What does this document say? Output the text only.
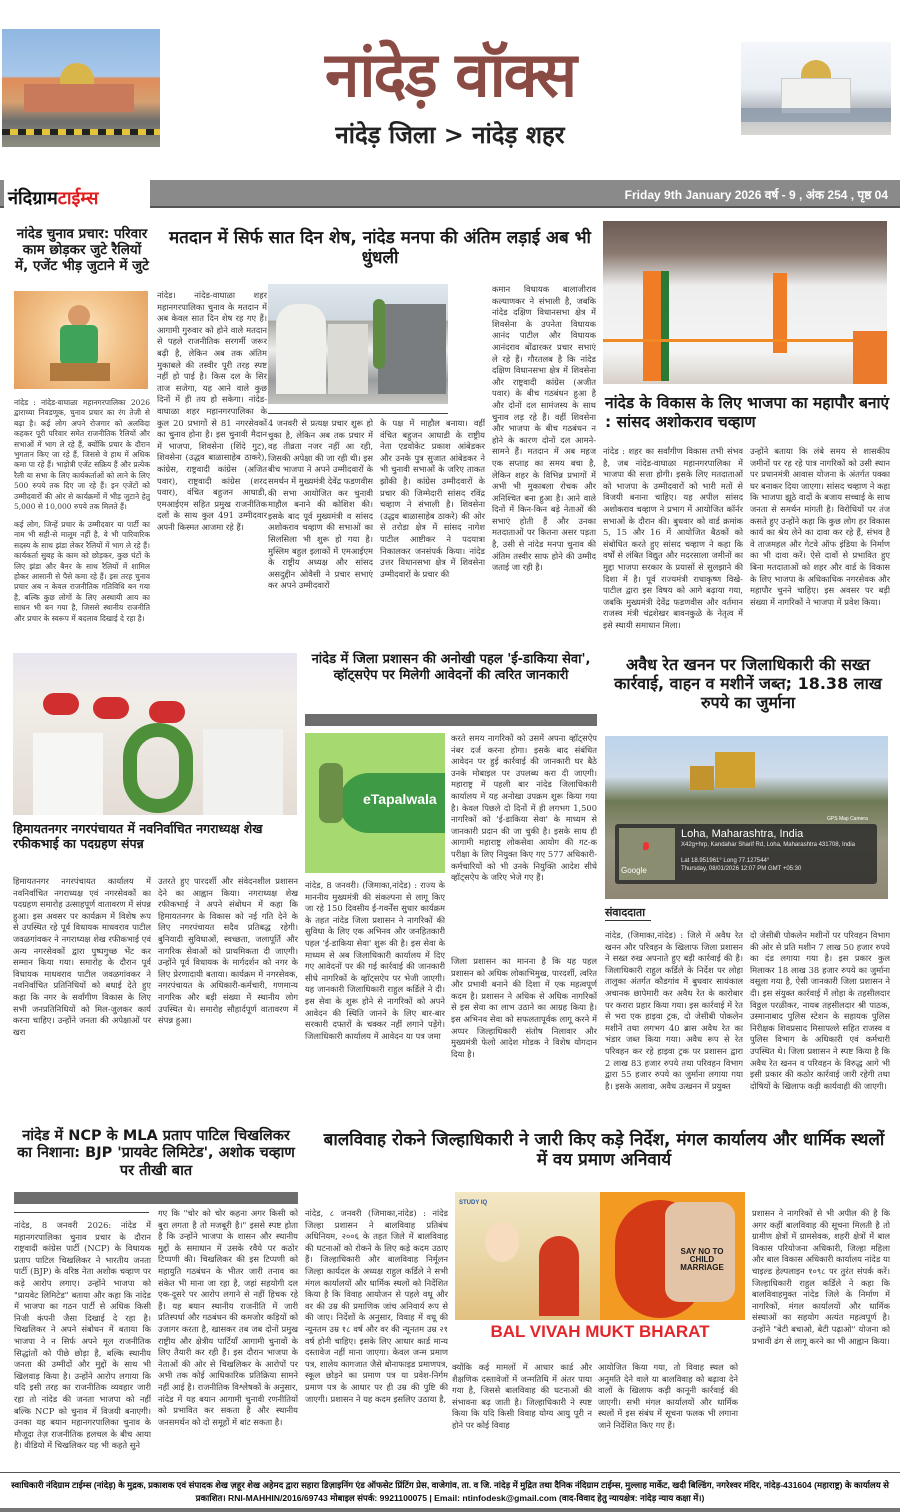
नांदेड़ वॉक्स
नांदेड़ जिला > नांदेड़ शहर
नंदिग्राम टाईम्स	Friday 9th January 2026 वर्ष - 9 , अंक 254 , पृष्ठ 04
नांदेड चुनाव प्रचार: परिवार काम छोड़कर जुटे रैलियों में, एजेंट भीड़ जुटाने में जुटे
नांदेड : नांदेड-वाघाळा महानगरपालिका 2026 द्वाराच्या निवडणूक, चुनाव प्रचार का रंग तेजी से बढ़ा है। कई लोग अपने रोजगार को अलविदा कहकर पूरी परिवार समेत राजनीतिक रैलियों और सभाओं में भाग ले रहे हैं, क्योंकि प्रचार के दौरान भुगतान किए जा रहे हैं, जिससे वे हाथ में अधिक कमा पा रहे हैं। भाड़ोत्री एजेंट सक्रिय हैं और प्रत्येक रैली या सभा के लिए कार्यकर्ताओं को लाने के लिए 500 रुपये तक दिए जा रहे हैं। इन एजेंटों को उम्मीदवारों की ओर से कार्यक्रमों में भीड़ जुटाने हेतु 5,000 से 10,000 रुपये तक मिलते हैं।
कई लोग, जिन्हें प्रचार के उम्मीदवार या पार्टी का नाम भी सही-से मालूम नहीं है, वे भी पारिवारिक सदस्य के साथ झंडा लेकर रैलियों में भाग ले रहे हैं। कार्यकर्ता सुबह के काम को छोड़कर, कुछ घंटों के लिए झंडा और बैनर के साथ रैलियों में शामिल होकर आसानी से पैसे कमा रहे हैं। इस तरह चुनाव प्रचार अब न केवल राजनीतिक गतिविधि बन गया है, बल्कि कुछ लोगों के लिए अस्थायी आय का साधन भी बन गया है, जिससे स्थानीय राजनीति और प्रचार के स्वरूप में बदलाव दिखाई दे रहा है।
मतदान में सिर्फ सात दिन शेष, नांदेड मनपा की अंतिम लड़ाई अब भी धुंधली
नांदेड। नांदेड-वाघाळा शहर महानगरपालिका चुनाव के मतदान में अब केवल सात दिन शेष रह गए हैं। आगामी गुरुवार को होने वाले मतदान से पहले राजनीतिक सरगर्मी जरूर बढ़ी है, लेकिन अब तक अंतिम मुकाबले की तस्वीर पूरी तरह स्पष्ट नहीं हो पाई है। किस दल के सिर ताज सजेगा, यह आने वाले कुछ दिनों में ही तय हो सकेगा। नांदेड-वाघाळा शहर महानगरपालिका के कुल 20 प्रभागों से 81 नगरसेवकों का चुनाव होना है। इस चुनावी मैदान में भाजपा, शिवसेना (शिंदे गुट), शिवसेना (उद्धव बाळासाहेब ठाकरे), कांग्रेस, राष्ट्रवादी कांग्रेस (अजित पवार), राष्ट्रवादी कांग्रेस (शरद पवार), वंचित बहुजन आघाडी, एमआईएम सहित प्रमुख राजनीतिक दलों के साथ कुल 491 उम्मीदवार अपनी किस्मत आजमा रहे हैं।
4 जनवरी से प्रत्यक्ष प्रचार शुरू हो चुका है, लेकिन अब तक प्रचार में वह तीव्रता नजर नहीं आ रही, जिसकी अपेक्षा की जा रही थी। इस बीच भाजपा ने अपने उम्मीदवारों के समर्थन में मुख्यमंत्री देवेंद्र फडणवीस की सभा आयोजित कर चुनावी माहौल बनाने की कोशिश की। इसके बाद पूर्व मुख्यमंत्री व सांसद अशोकराव चव्हाण की सभाओं का सिलसिला भी शुरू हो गया है। मुस्लिम बहुल इलाकों में एमआईएम के राष्ट्रीय अध्यक्ष और सांसद असदुद्दीन ओवैसी ने प्रचार सभाएं कर अपने उम्मीदवारों
के पक्ष में माहौल बनाया। वहीं वंचित बहुजन आघाडी के राष्ट्रीय नेता एडवोकेट प्रकाश आंबेडकर और उनके पुत्र सुजात आंबेडकर ने भी चुनावी सभाओं के जरिए ताकत झोंकी है। कांग्रेस उम्मीदवारों के प्रचार की जिम्मेदारी सांसद रविंद्र चव्हाण ने संभाली है। शिवसेना (उद्धव बाळासाहेब ठाकरे) की ओर से तरोडा क्षेत्र में सांसद नागेश पाटील आष्टीकर ने पदयात्रा निकालकर जनसंपर्क किया। नांदेड उत्तर विधानसभा क्षेत्र में शिवसेना उम्मीदवारों के प्रचार की
कमान विधायक बालाजीराव कल्याणकर ने संभाली है, जबकि नांदेड दक्षिण विधानसभा क्षेत्र में शिवसेना के उपनेता विधायक आनंद पाटील और विधायक आनंदराव बोंढारकर प्रचार सभाएं ले रहे हैं। गौरतलब है कि नांदेड दक्षिण विधानसभा क्षेत्र में शिवसेना और राष्ट्रवादी कांग्रेस (अजीत पवार) के बीच गठबंधन हुआ है और दोनों दल सामंजस्य के साथ चुनाव लड़ रहे हैं। वहीं शिवसेना और भाजपा के बीच गठबंधन न होने के कारण दोनों दल आमने-सामने हैं। मतदान में अब महज एक सप्ताह का समय बचा है, लेकिन शहर के विभिन्न प्रभागों में अभी भी मुकाबला रोचक और अनिश्चित बना हुआ है। आने वाले दिनों में किन-किन बड़े नेताओं की सभाएं होती हैं और उनका मतदाताओं पर कितना असर पड़ता है, उसी से नांदेड मनपा चुनाव की अंतिम तस्वीर साफ होने की उम्मीद जताई जा रही है।
नांदेड के विकास के लिए भाजपा का महापौर बनाएं : सांसद अशोकराव चव्हाण
नांदेड : शहर का सर्वांगीण विकास तभी संभव है, जब नांदेड-वाघाळा महानगरपालिका में भाजपा की सत्ता होगी। इसके लिए मतदाताओं को भाजपा के उम्मीदवारों को भारी मतों से विजयी बनाना चाहिए। यह अपील सांसद अशोकराव चव्हाण ने प्रभाग में आयोजित कॉर्नर सभाओं के दौरान की। बुधवार को वार्ड क्रमांक 5, 15 और 16 में आयोजित बैठकों को संबोधित करते हुए सांसद चव्हाण ने कहा कि वर्षों से लंबित विद्युत और मदरसाला जमीनों का मुद्दा भाजपा सरकार के प्रयासों से सुलझाने की दिशा में है। पूर्व राज्यमंत्री राधाकृष्ण विखे-पाटील द्वारा इस विषय को आगे बढ़ाया गया, जबकि मुख्यमंत्री देवेंद्र फडणवीस और वर्तमान राजस्व मंत्री चंद्रशेखर बावनकुळे के नेतृत्व में इसे स्थायी समाधान मिला।
उन्होंने बताया कि लंबे समय से शासकीय जमीनों पर रह रहे पात्र नागरिकों को उसी स्थान पर प्रधानमंत्री आवास योजना के अंतर्गत पक्का घर बनाकर दिया जाएगा। सांसद चव्हाण ने कहा कि भाजपा झूठे वादों के बजाय सच्चाई के साथ जनता से समर्थन मांगती है। विरोधियों पर तंज कसते हुए उन्होंने कहा कि कुछ लोग हर विकास कार्य का श्रेय लेने का दावा कर रहे हैं, संभव है वे ताजमहल और गेटवे ऑफ इंडिया के निर्माण का भी दावा करें। ऐसे दावों से प्रभावित हुए बिना मतदाताओं को शहर और वार्ड के विकास के लिए भाजपा के अधिकाधिक नगरसेवक और महापौर चुनने चाहिए। इस अवसर पर बड़ी संख्या में नागरिकों ने भाजपा में प्रवेश किया।
हिमायतनगर नगरपंचायत में नवनिर्वाचित नगराध्यक्ष शेख रफीकभाई का पदग्रहण संपन्न
हिमायतनगर नगरपंचायत कार्यालय में नवनिर्वाचित नगराध्यक्ष एवं नगरसेवकों का पदग्रहण समारोह उत्साहपूर्ण वातावरण में संपन्न हुआ। इस अवसर पर कार्यक्रम में विशेष रूप से उपस्थित रहे पूर्व विधायक माधवराव पाटील जवळगांवकर ने नगराध्यक्ष शेख रफीकभाई एवं अन्य नगरसेवकों द्वारा पुष्पगुच्छ भेंट कर सम्मान किया गया। समारोह के दौरान पूर्व विधायक माधवराव पाटील जवळगांवकर ने नवनिर्वाचित प्रतिनिधियों को बधाई देते हुए कहा कि नगर के सर्वांगीण विकास के लिए सभी जनप्रतिनिधियों को मिल-जुलकर कार्य करना चाहिए। उन्होंने जनता की अपेक्षाओं पर खरा
उतरते हुए पारदर्शी और संवेदनशील प्रशासन देने का आह्वान किया। नगराध्यक्ष शेख रफीकभाई ने अपने संबोधन में कहा कि हिमायतनगर के विकास को नई गति देने के लिए नगरपंचायत सदैव प्रतिबद्ध रहेगी। बुनियादी सुविधाओं, स्वच्छता, जलापूर्ति और नागरिक सेवाओं को प्राथमिकता दी जाएगी। उन्होंने पूर्व विधायक के मार्गदर्शन को नगर के लिए प्रेरणादायी बताया। कार्यक्रम में नगरसेवक, नगरपंचायत के अधिकारी-कर्मचारी, गणमान्य नागरिक और बड़ी संख्या में स्थानीय लोग उपस्थित थे। समारोह सौहार्दपूर्ण वातावरण में संपन्न हुआ।
नांदेड में जिला प्रशासन की अनोखी पहल 'ई-डाकिया सेवा', व्हॉट्सऐप पर मिलेगी आवेदनों की त्वरित जानकारी
eTapalwala
करते समय नागरिकों को उसमें अपना व्हॉट्सऐप नंबर दर्ज करना होगा। इसके बाद संबंधित आवेदन पर हुई कार्रवाई की जानकारी घर बैठे उनके मोबाइल पर उपलब्ध करा दी जाएगी। महाराष्ट्र में पहली बार नांदेड जिलाधिकारी कार्यालय में यह अनोखा उपक्रम शुरू किया गया है। केवल पिछले दो दिनों में ही लगभग 1,500 नागरिकों को 'ई-डाकिया सेवा' के माध्यम से जानकारी प्रदान की जा चुकी है। इसके साथ ही आगामी महाराष्ट्र लोकसेवा आयोग की गट-क परीक्षा के लिए नियुक्त किए गए 577 अधिकारी-कर्मचारियों को भी उनके नियुक्ति आदेश सीधे व्हॉट्सऐप के जरिए भेजे गए हैं।
नांदेड, 8 जनवरी। (जिमाका,नांदेड) : राज्य के माननीय मुख्यमंत्री की संकल्पना से लागू किए जा रहे 150 दिवसीय ई-गवर्नेंस सुधार कार्यक्रम के तहत नांदेड जिला प्रशासन ने नागरिकों की सुविधा के लिए एक अभिनव और जनहितकारी पहल 'ई-डाकिया सेवा' शुरू की है। इस सेवा के माध्यम से अब जिलाधिकारी कार्यालय में दिए गए आवेदनों पर की गई कार्रवाई की जानकारी सीधे नागरिकों के व्हॉट्सऐप पर भेजी जाएगी। यह जानकारी जिलाधिकारी राहुल कर्डिले ने दी। इस सेवा के शुरू होने से नागरिकों को अपने आवेदन की स्थिति जानने के लिए बार-बार सरकारी दफ्तरों के चक्कर नहीं लगाने पड़ेंगे। जिलाधिकारी कार्यालय में आवेदन या पत्र जमा
जिला प्रशासन का मानना है कि यह पहल प्रशासन को अधिक लोकाभिमुख, पारदर्शी, त्वरित और प्रभावी बनाने की दिशा में एक महत्वपूर्ण कदम है। प्रशासन ने अधिक से अधिक नागरिकों से इस सेवा का लाभ उठाने का आग्रह किया है। इस अभिनव सेवा को सफलतापूर्वक लागू करने में अप्पर जिल्हाधिकारी संतोष निलावार और मुख्यमंत्री फेलो आदेश मोडक ने विशेष योगदान दिया है।
अवैध रेत खनन पर जिलाधिकारी की सख्त कार्रवाई, वाहन व मशीनें जब्त; 18.38 लाख रुपये का जुर्माना
Google
Loha, Maharashtra, India
X42g+hrp, Kandahar Sharif Rd, Loha, Maharashtra 431708, India
Lat 18.951961° Long 77.127544°
Thursday, 08/01/2026 12:07 PM GMT +05:30
GPS Map Camera
संवाददाता
नांदेड, (जिमाका,नांदेड) : जिले में अवैध रेत खनन और परिवहन के खिलाफ जिला प्रशासन ने सख्त रुख अपनाते हुए बड़ी कार्रवाई की है। जिलाधिकारी राहुल कर्डिले के निर्देश पर लोहा तालुका अंतर्गत कौडगांव में बुधवार सायंकाल अचानक छापेमारी कर अवैध रेत के कारोबार पर करारा प्रहार किया गया। इस कार्रवाई में रेत से भरा एक हाइवा ट्रक, दो जेसीबी पोकलेन मशीनें तथा लगभग 40 ब्रास अवैध रेत का भंडार जब्त किया गया। अवैध रूप से रेत परिवहन कर रहे हाइवा ट्रक पर प्रशासन द्वारा 2 लाख 83 हजार रुपये तथा परिवहन विभाग द्वारा 55 हजार रुपये का जुर्माना लगाया गया है। इसके अलावा, अवैध उत्खनन में प्रयुक्त
दो जेसीबी पोकलेन मशीनों पर परिवहन विभाग की ओर से प्रति मशीन 7 लाख 50 हजार रुपये का दंड लगाया गया है। इस प्रकार कुल मिलाकर 18 लाख 38 हजार रुपये का जुर्माना वसूला गया है, ऐसी जानकारी जिला प्रशासन ने दी। इस संयुक्त कार्रवाई में लोहा के तहसीलदार विठ्ठल परळीकर, नायब तहसीलदार श्री पाठक, उस्मानाबाद पुलिस स्टेशन के सहायक पुलिस निरीक्षक शिवप्रसाद मिसापल्ले सहित राजस्व व पुलिस विभाग के अधिकारी एवं कर्मचारी उपस्थित थे। जिला प्रशासन ने स्पष्ट किया है कि अवैध रेत खनन व परिवहन के विरुद्ध आगे भी इसी प्रकार की कठोर कार्रवाई जारी रहेगी तथा दोषियों के खिलाफ कड़ी कार्यवाही की जाएगी।
नांदेड में NCP के MLA प्रताप पाटिल चिखलिकर का निशाना: BJP 'प्रायवेट लिमिटेड', अशोक चव्हाण पर तीखी बात
नांदेड, 8 जनवरी 2026: नांदेड में महानगरपालिका चुनाव प्रचार के दौरान राष्ट्रवादी कांग्रेस पार्टी (NCP) के विधायक प्रताप पाटिल चिखलिकर ने भारतीय जनता पार्टी (BJP) के वरिष्ठ नेता अशोक चव्हाण पर कड़े आरोप लगाए। उन्होंने भाजपा को "प्रायवेट लिमिटेड" बताया और कहा कि नांदेड में भाजपा का गठन पार्टी से अधिक किसी निजी कंपनी जैसा दिखाई दे रहा है। चिखलिकर ने अपने संबोधन में बताया कि भाजपा ने न सिर्फ अपने मूल राजनीतिक सिद्धांतों को पीछे छोड़ा है, बल्कि स्थानीय जनता की उम्मीदों और मुद्दों के साथ भी खिलवाड़ किया है। उन्होंने आरोप लगाया कि यदि इसी तरह का राजनीतिक व्यवहार जारी रहा तो नांदेड की जनता भाजपा को नहीं बल्कि NCP को चुनाव में विजयी बनाएगी। उनका यह बयान महानगरपालिका चुनाव के मौजूदा तेज़ राजनीतिक हलचल के बीच आया है। वीडियो में चिखलिकर यह भी कहते सुने
गए कि "चोर को चोर कहना अगर किसी को बुरा लगता है तो मजबूरी है।" इससे स्पष्ट होता है कि उन्होंने भाजपा के शासन और स्थानीय मुद्दों के समाधान में उसके रवैये पर कठोर टिप्पणी की। चिखलिकर की इस टिप्पणी को महायुति गठबंधन के भीतर जारी तनाव का संकेत भी माना जा रहा है, जहां सहयोगी दल एक-दूसरे पर आरोप लगाने से नहीं हिचक रहे हैं। यह बयान स्थानीय राजनीति में जारी प्रतिस्पर्धा और गठबंधन की कमजोर कड़ियों को उजागर करता है, खासकर तब जब दोनों प्रमुख राष्ट्रीय और क्षेत्रीय पार्टियाँ आगामी चुनावों के लिए तैयारी कर रही हैं। इस दौरान भाजपा के नेताओं की ओर से चिखलिकर के आरोपों पर अभी तक कोई आधिकारिक प्रतिक्रिया सामने नहीं आई है। राजनीतिक विश्लेषकों के अनुसार, नांदेड में यह बयान आगामी चुनावी रणनीतियों को प्रभावित कर सकता है और स्थानीय जनसमर्थन को दो समूहों में बांट सकता है।
बालविवाह रोकने जिल्हाधिकारी ने जारी किए कड़े निर्देश, मंगल कार्यालय और धार्मिक स्थलों में वय प्रमाण अनिवार्य
नांदेड, ८ जनवरी (जिमाका,नांदेड) : नांदेड जिल्हा प्रशासन ने बालविवाह प्रतिबंध अधिनियम, २००६ के तहत जिले में बालविवाह की घटनाओं को रोकने के लिए कड़े कदम उठाए हैं। जिल्हाधिकारी और बालविवाह निर्मूलन जिल्हा कार्यदल के अध्यक्ष राहुल कर्डिले ने सभी मंगल कार्यालयों और धार्मिक स्थलों को निर्देशित किया है कि विवाह आयोजन से पहले वधू और वर की उम्र की प्रमाणिक जांच अनिवार्य रूप से की जाए। निर्देशों के अनुसार, विवाह में वधू की न्यूनतम उम्र १८ वर्ष और वर की न्यूनतम उम्र २१ वर्ष होनी चाहिए। इसके लिए आधार कार्ड मान्य दस्तावेज नहीं माना जाएगा। केवल जन्म प्रमाण पत्र, शालेय कागजात जैसे बोनाफाइड प्रमाणपत्र, स्कूल छोड़ने का प्रमाण पत्र या प्रवेश-निर्गम प्रमाण पत्र के आधार पर ही उम्र की पुष्टि की जाएगी। प्रशासन ने यह कदम इसलिए उठाया है,
STUDY IQ
SAY NO TO CHILD MARRIAGE
BAL VIVAH MUKT BHARAT
क्योंकि कई मामलों में आधार कार्ड और शैक्षणिक दस्तावेजों में जन्मतिथि में अंतर पाया गया है, जिससे बालविवाह की घटनाओं की संभावना बढ़ जाती है। जिल्हाधिकारी ने स्पष्ट किया कि यदि किसी विवाह योग्य आयु पूरी न होने पर कोई विवाह
आयोजित किया गया, तो विवाह स्थल को अनुमति देने वाले या बालविवाह को बढ़ावा देने वालों के खिलाफ कड़ी कानूनी कार्रवाई की जाएगी। सभी मंगल कार्यालयों और धार्मिक स्थलों में इस संबंध में सूचना फलक भी लगाना जाने निर्देशित किए गए हैं।
प्रशासन ने नागरिकों से भी अपील की है कि अगर कहीं बालविवाह की सूचना मिलती है तो ग्रामीण क्षेत्रों में ग्रामसेवक, शहरी क्षेत्रों में बाल विकास परियोजना अधिकारी, जिल्हा महिला और बाल विकास अधिकारी कार्यालय नांदेड या चाइल्ड हेल्पलाइन १०९८ पर तुरंत संपर्क करें। जिल्हाधिकारी राहुल कर्डिले ने कहा कि बालविवाहमुक्त नांदेड जिले के निर्माण में नागरिकों, मंगल कार्यालयों और धार्मिक संस्थाओं का सहयोग अत्यंत महत्वपूर्ण है। उन्होंने "बेटी बचाओ, बेटी पढ़ाओ" योजना को प्रभावी ढंग से लागू करने का भी आह्वान किया।
स्वाधिकारी नंदिग्राम टाईम्स (नांदेड़) के मुद्रक, प्रकाशक एवं संपादक शेख ज़हूर शेख अहेमद द्वारा सहारा डिज़ाइनिंग एंड ऑफसेट प्रिंटिंग प्रेस, वाजेगांव, ता. व जि. नांदेड़ में मुद्रित तथा दैनिक नंदिग्राम टाईम्स, मुल्लाह मार्केट, खदी बिल्डिंग, नगरेश्वर मंदिर, नांदेड़-431604 (महाराष्ट्र) के कार्यालय से प्रकाशित। RNI-MAHHIN/2016/69743 मोबाइल संपर्क: 9921100075 | Email: ntinfodesk@gmail.com (वाद-विवाद हेतु न्यायक्षेत्र: नांदेड़ न्याय कक्षा में।)
